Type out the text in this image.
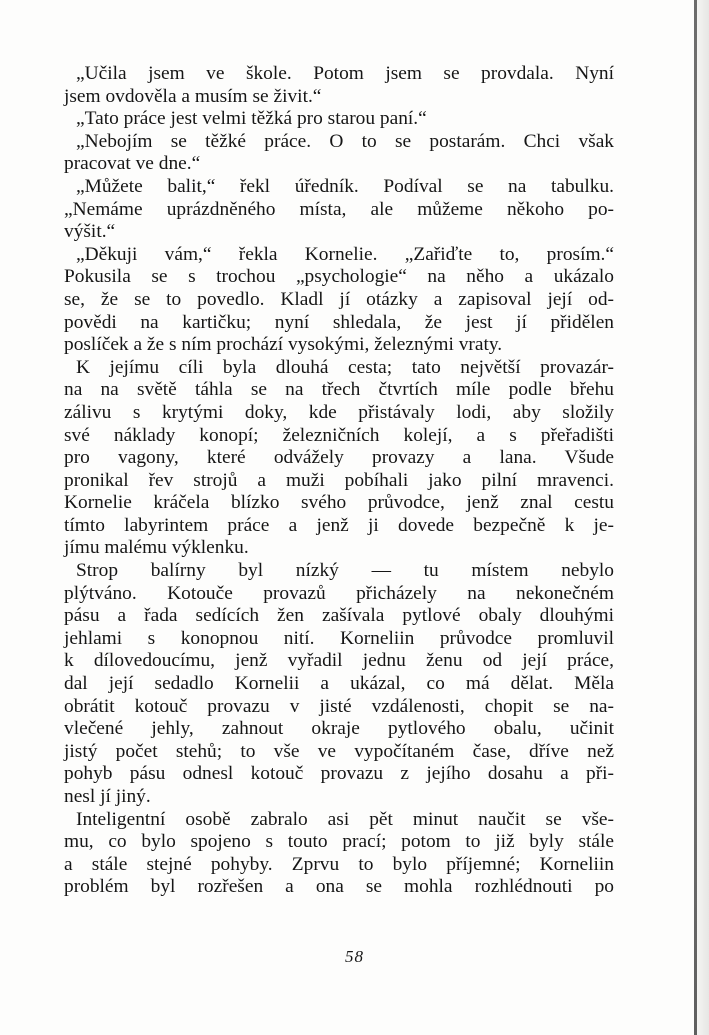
„Učila jsem ve škole. Potom jsem se provdala. Nyní
jsem ovdověla a musím se živit.“
„Tato práce jest velmi těžká pro starou paní.“
„Nebojím se těžké práce. O to se postarám. Chci však
pracovat ve dne.“
„Můžete balit,“ řekl úředník. Podíval se na tabulku.
„Nemáme uprázdněného místa, ale můžeme někoho po-
výšit.“
„Děkuji vám,“ řekla Kornelie. „Zařiďte to, prosím.“
Pokusila se s trochou „psychologie“ na něho a ukázalo
se, že se to povedlo. Kladl jí otázky a zapisoval její od-
povědi na kartičku; nyní shledala, že jest jí přidělen
poslíček a že s ním prochází vysokými, železnými vraty.
K jejímu cíli byla dlouhá cesta; tato největší provazár-
na na světě táhla se na třech čtvrtích míle podle břehu
zálivu s krytými doky, kde přistávaly lodi, aby složily
své náklady konopí; železničních kolejí, a s přeřadišti
pro vagony, které odvážely provazy a lana. Všude
pronikal řev strojů a muži pobíhali jako pilní mravenci.
Kornelie kráčela blízko svého průvodce, jenž znal cestu
tímto labyrintem práce a jenž ji dovede bezpečně k je-
jímu malému výklenku.
Strop balírny byl nízký — tu místem nebylo
plýtváno. Kotouče provazů přicházely na nekonečném
pásu a řada sedících žen zašívala pytlové obaly dlouhými
jehlami s konopnou nití. Korneliin průvodce promluvil
k dílovedoucímu, jenž vyřadil jednu ženu od její práce,
dal její sedadlo Kornelii a ukázal, co má dělat. Měla
obrátit kotouč provazu v jisté vzdálenosti, chopit se na-
vlečené jehly, zahnout okraje pytlového obalu, učinit
jistý počet stehů; to vše ve vypočítaném čase, dříve než
pohyb pásu odnesl kotouč provazu z jejího dosahu a při-
nesl jí jiný.
Inteligentní osobě zabralo asi pět minut naučit se vše-
mu, co bylo spojeno s touto prací; potom to již byly stále
a stále stejné pohyby. Zprvu to bylo příjemné; Korneliin
problém byl rozřešen a ona se mohla rozhlédnouti po
58
